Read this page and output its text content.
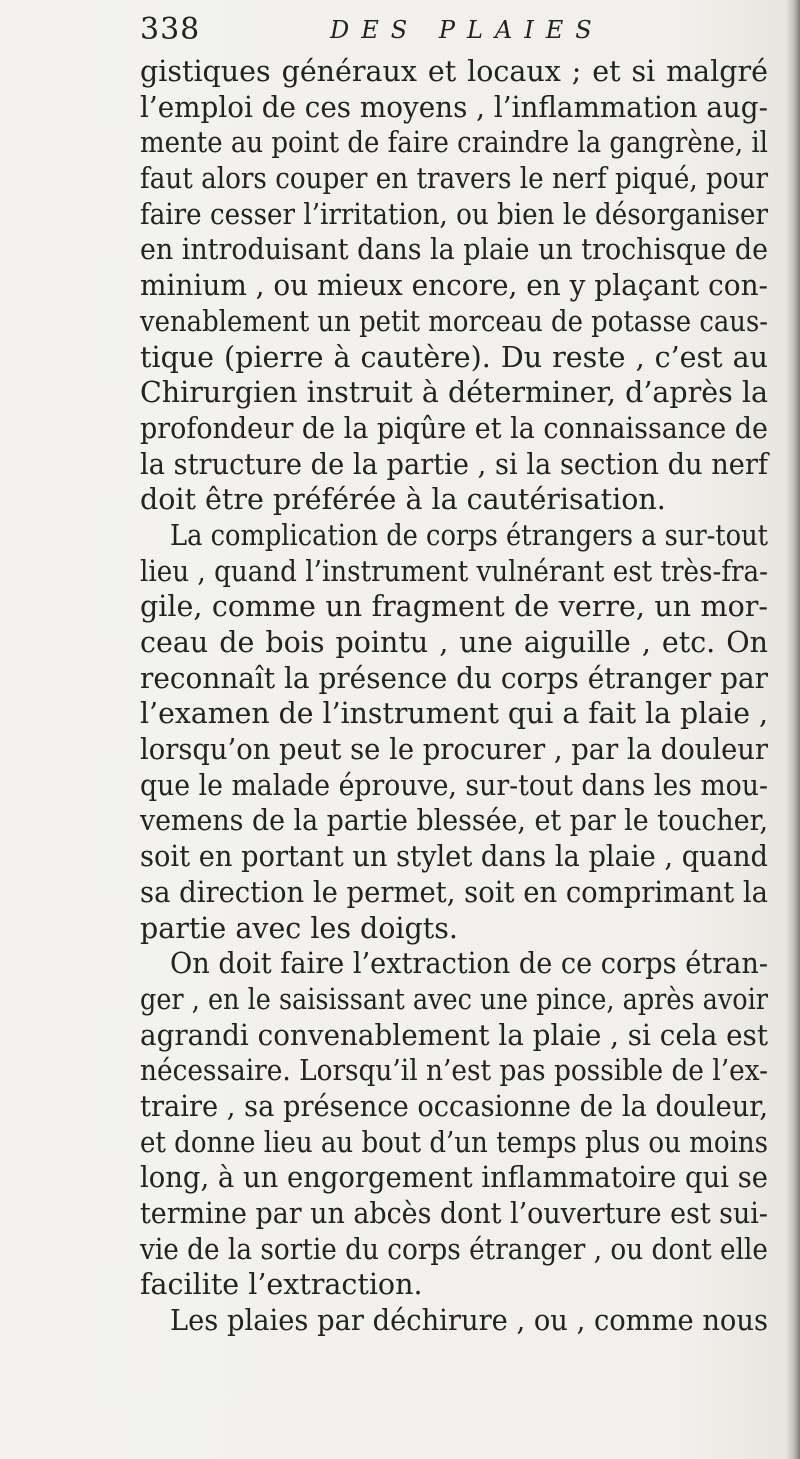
338	DES PLAIES
gistiques généraux et locaux ; et si malgré
l’emploi de ces moyens , l’inflammation aug-
mente au point de faire craindre la gangrène, il
faut alors couper en travers le nerf piqué, pour
faire cesser l’irritation, ou bien le désorganiser
en introduisant dans la plaie un trochisque de
minium , ou mieux encore, en y plaçant con-
venablement un petit morceau de potasse caus-
tique (pierre à cautère). Du reste , c’est au
Chirurgien instruit à déterminer, d’après la
profondeur de la piqûre et la connaissance de
la structure de la partie , si la section du nerf
doit être préférée à la cautérisation.
La complication de corps étrangers a sur-tout
lieu , quand l’instrument vulnérant est très-fra-
gile, comme un fragment de verre, un mor-
ceau de bois pointu , une aiguille , etc. On
reconnaît la présence du corps étranger par
l’examen de l’instrument qui a fait la plaie ,
lorsqu’on peut se le procurer , par la douleur
que le malade éprouve, sur-tout dans les mou-
vemens de la partie blessée, et par le toucher,
soit en portant un stylet dans la plaie , quand
sa direction le permet, soit en comprimant la
partie avec les doigts.
On doit faire l’extraction de ce corps étran-
ger , en le saisissant avec une pince, après avoir
agrandi convenablement la plaie , si cela est
nécessaire. Lorsqu’il n’est pas possible de l’ex-
traire , sa présence occasionne de la douleur,
et donne lieu au bout d’un temps plus ou moins
long, à un engorgement inflammatoire qui se
termine par un abcès dont l’ouverture est sui-
vie de la sortie du corps étranger , ou dont elle
facilite l’extraction.
Les plaies par déchirure , ou , comme nous
